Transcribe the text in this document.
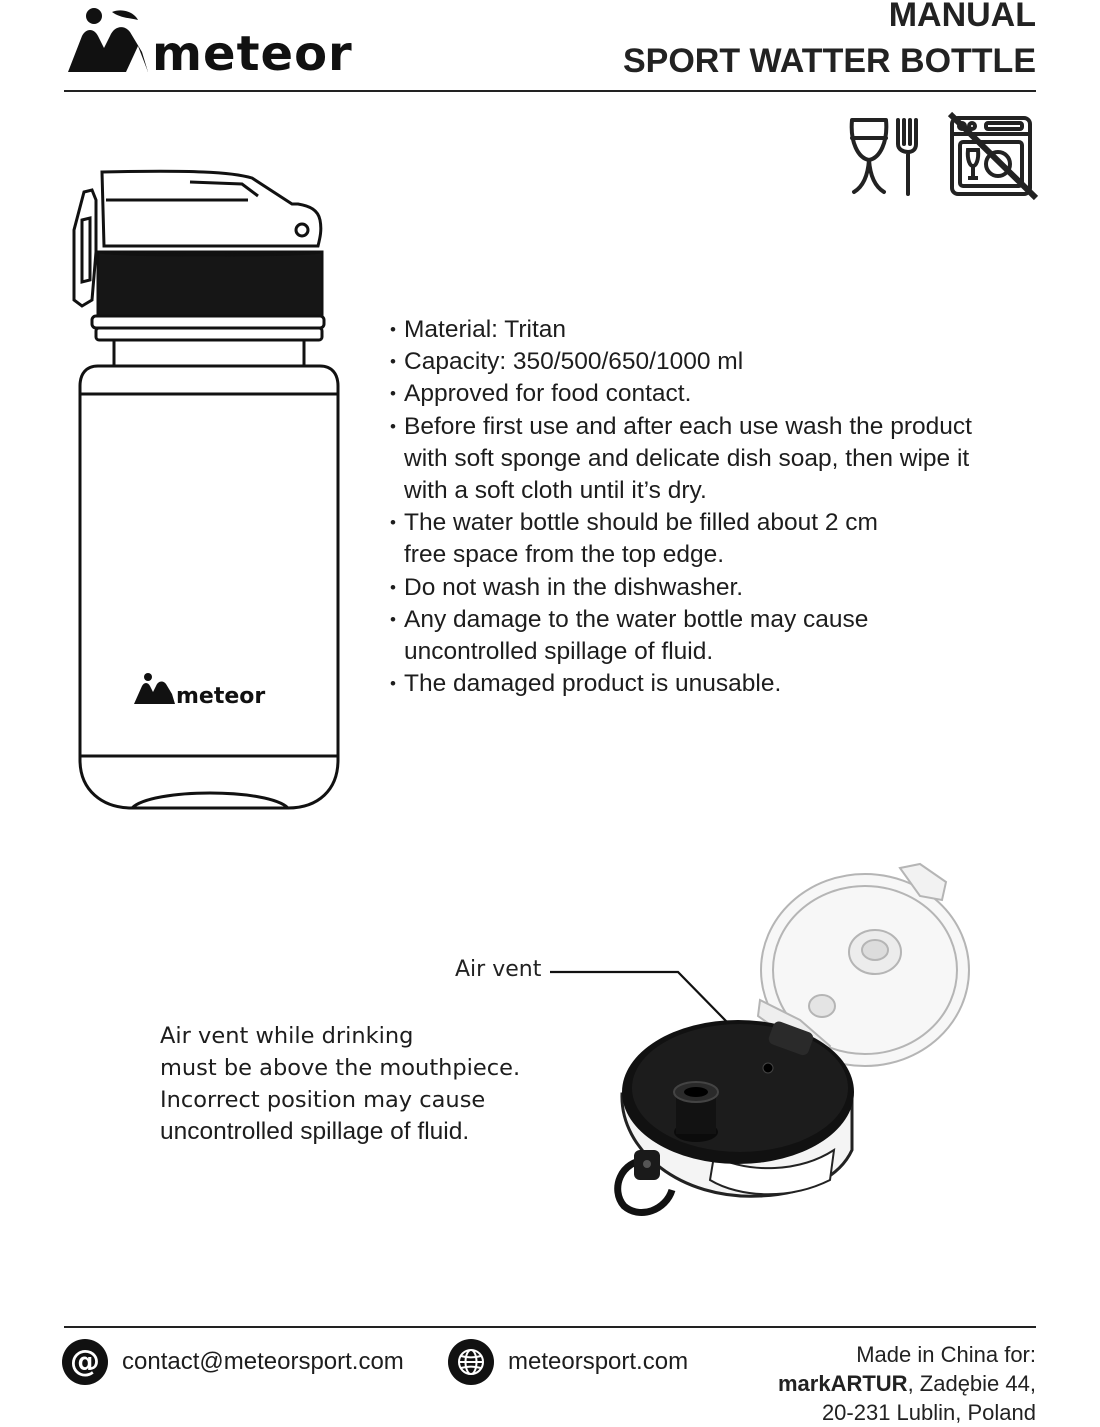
meteor
MANUAL
SPORT WATTER BOTTLE
meteor
• Material: Tritan
• Capacity: 350/500/650/1000 ml
• Approved for food contact.
• Before first use and after each use wash the product
with soft sponge and delicate dish soap, then wipe it
with a soft cloth until it’s dry.
• The water bottle should be filled about 2 cm
free space from the top edge.
• Do not wash in the dishwasher.
• Any damage to the water bottle may cause
uncontrolled spillage of fluid.
• The damaged product is unusable.
Air vent
Air vent while drinking
must be above the mouthpiece.
Incorrect position may cause
uncontrolled spillage of fluid.
@ contact@meteorsport.com	meteorsport.com	Made in China for:
markARTUR, Zadębie 44,
20-231 Lublin, Poland
